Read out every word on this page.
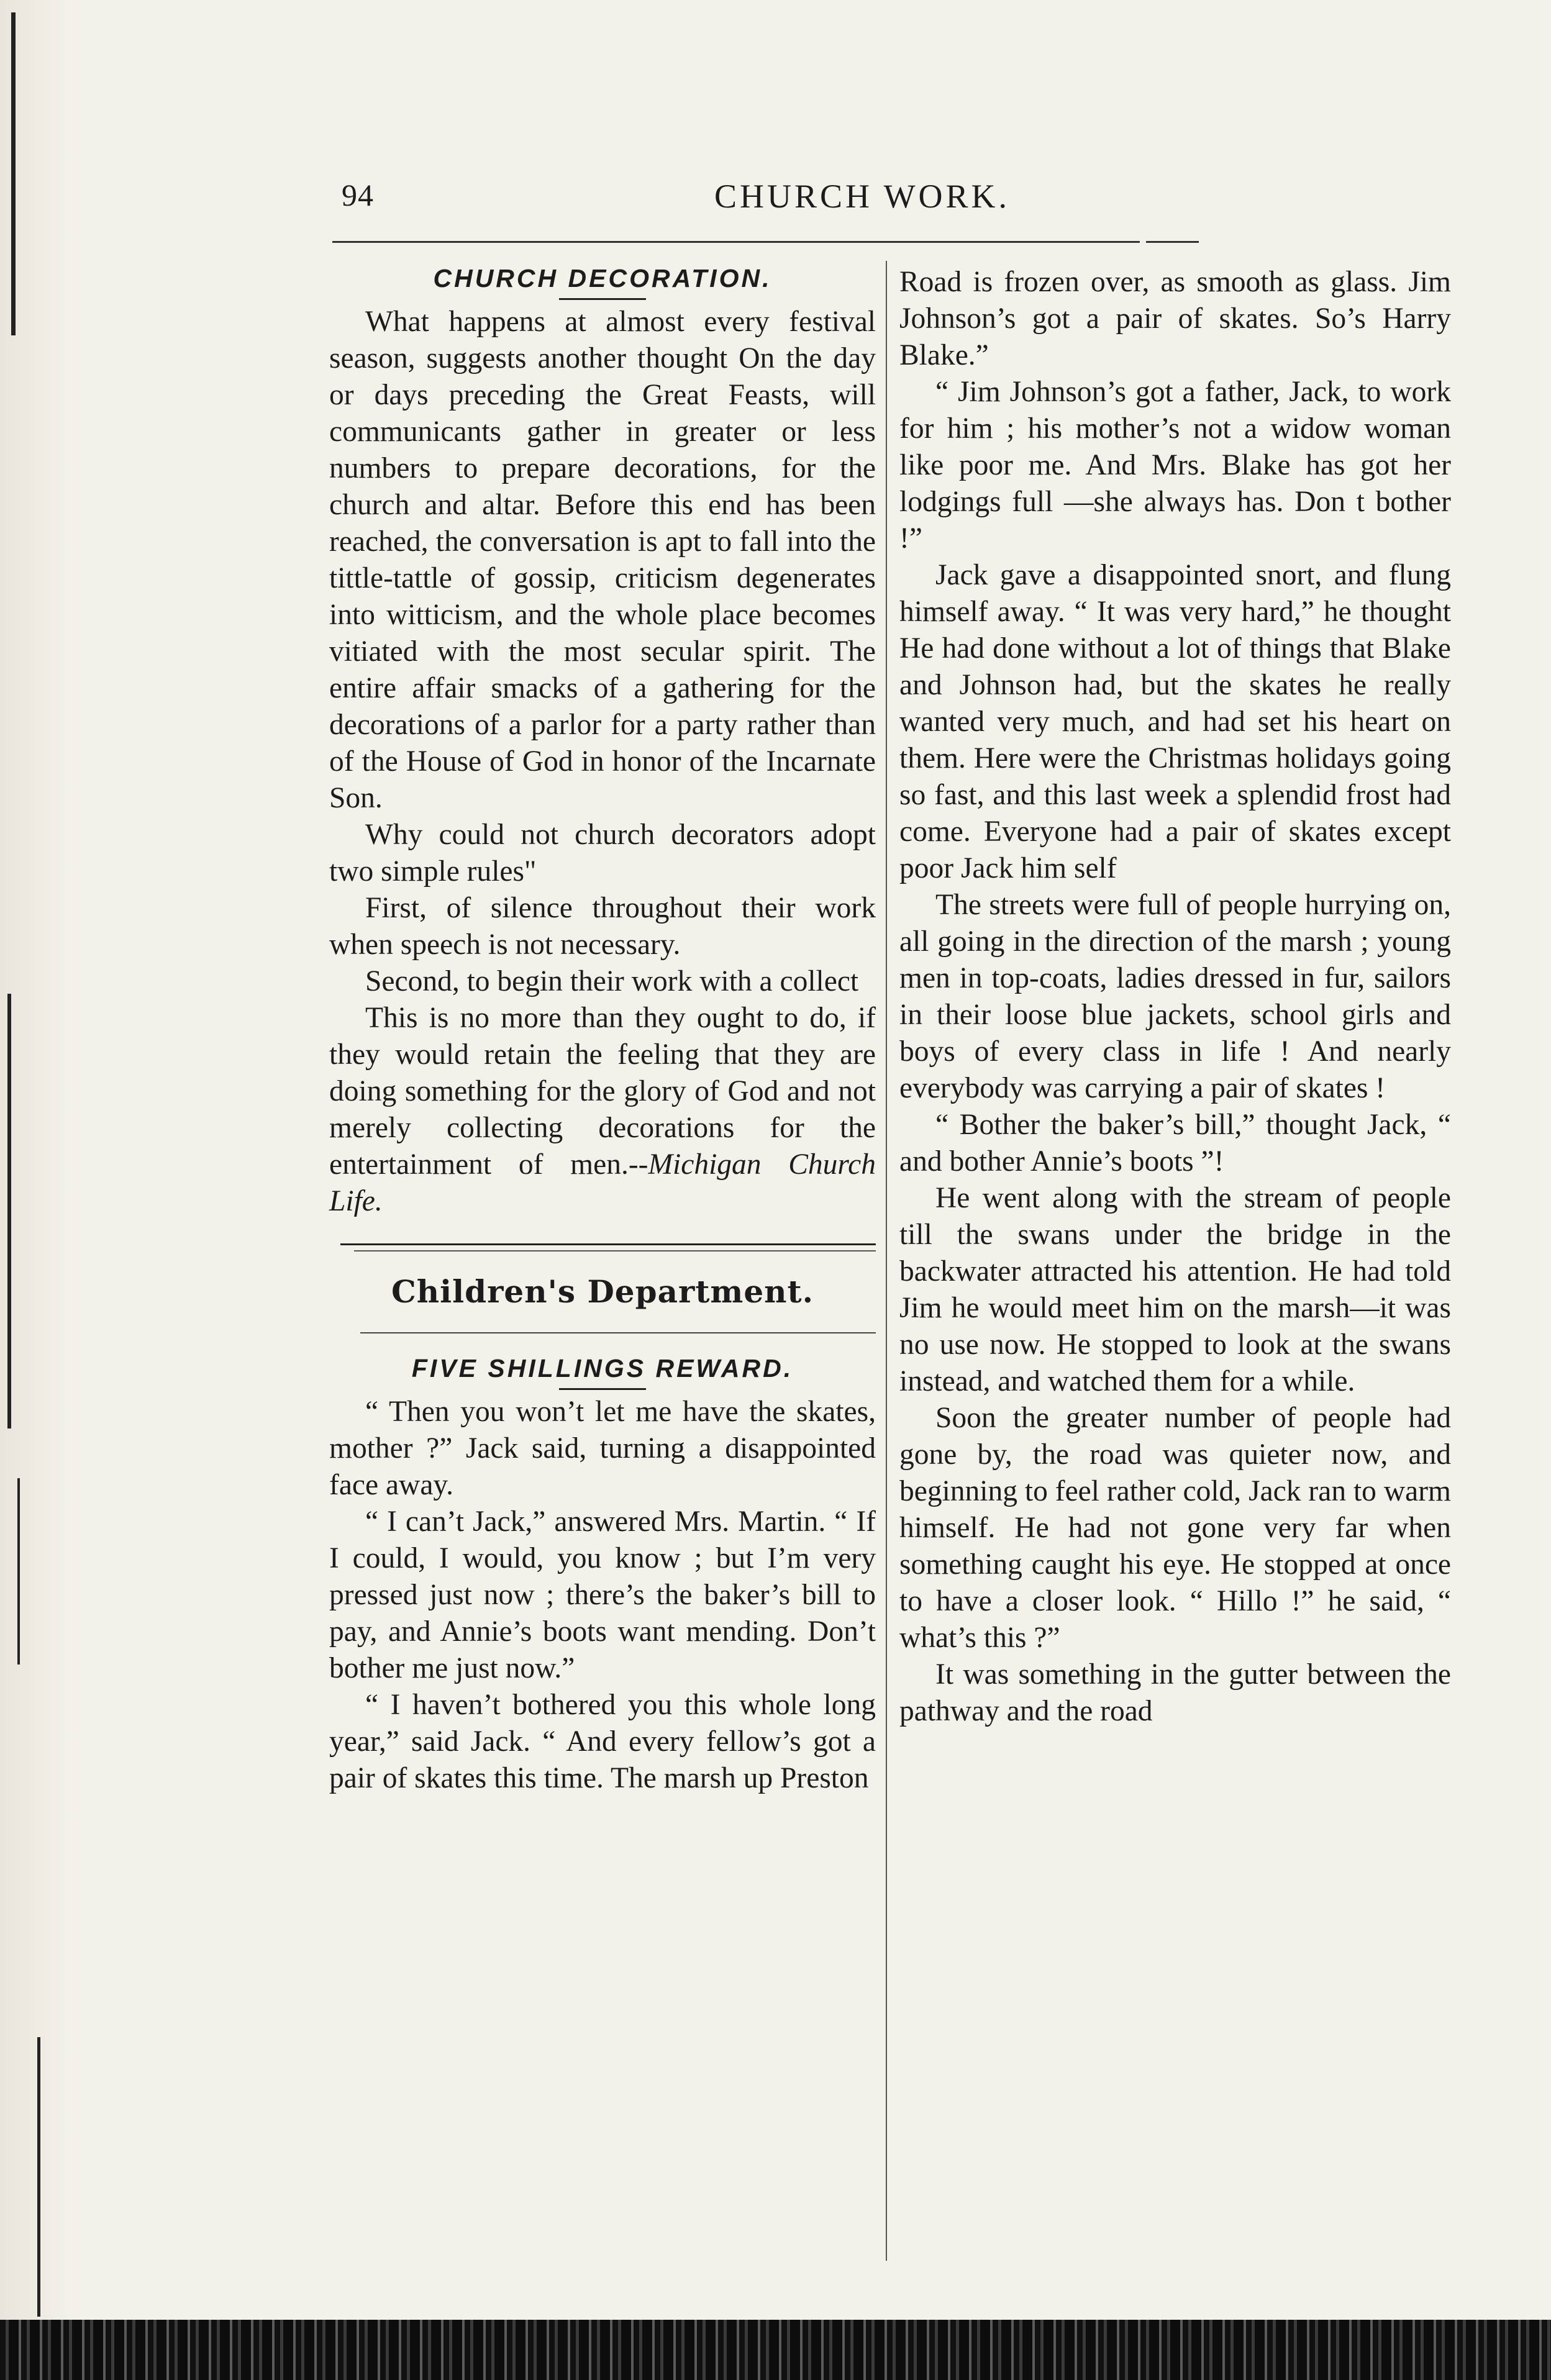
94	CHURCH WORK.
CHURCH DECORATION.

What happens at almost every festival season, suggests another thought On the day or days preceding the Great Feasts, will communicants gather in greater or less numbers to prepare decorations, for the church and altar. Before this end has been reached, the conversation is apt to fall into the tittle-tattle of gossip, criticism degenerates into witticism, and the whole place becomes vitiated with the most secular spirit. The entire affair smacks of a gathering for the decorations of a parlor for a party rather than of the House of God in honor of the Incarnate Son.

Why could not church decorators adopt two simple rules"

First, of silence throughout their work when speech is not necessary.

Second, to begin their work with a collect

This is no more than they ought to do, if they would retain the feeling that they are doing something for the glory of God and not merely collecting decorations for the entertainment of men.--Michigan Church Life.

Children's Department.
FIVE SHILLINGS REWARD.

“ Then you won’t let me have the skates, mother ?” Jack said, turning a disappointed face away.

“ I can’t Jack,” answered Mrs. Martin. “ If I could, I would, you know ; but I’m very pressed just now ; there’s the baker’s bill to pay, and Annie’s boots want mending. Don’t bother me just now.”

“ I haven’t bothered you this whole long year,” said Jack. “ And every fellow’s got a pair of skates this time. The marsh up Preston

Road is frozen over, as smooth as glass. Jim Johnson’s got a pair of skates. So’s Harry Blake.”

“ Jim Johnson’s got a father, Jack, to work for him ; his mother’s not a widow woman like poor me. And Mrs. Blake has got her lodgings full —she always has. Don t bother !”

Jack gave a disappointed snort, and flung himself away. “ It was very hard,” he thought He had done without a lot of things that Blake and Johnson had, but the skates he really wanted very much, and had set his heart on them. Here were the Christmas holidays going so fast, and this last week a splendid frost had come. Everyone had a pair of skates except poor Jack him self

The streets were full of people hurrying on, all going in the direction of the marsh ; young men in top-coats, ladies dressed in fur, sailors in their loose blue jackets, school girls and boys of every class in life ! And nearly everybody was carrying a pair of skates !

“ Bother the baker’s bill,” thought Jack, “ and bother Annie’s boots ”!

He went along with the stream of people till the swans under the bridge in the backwater attracted his attention. He had told Jim he would meet him on the marsh—it was no use now. He stopped to look at the swans instead, and watched them for a while.

Soon the greater number of people had gone by, the road was quieter now, and beginning to feel rather cold, Jack ran to warm himself. He had not gone very far when something caught his eye. He stopped at once to have a closer look. “ Hillo !” he said, “ what’s this ?”

It was something in the gutter between the pathway and the road
